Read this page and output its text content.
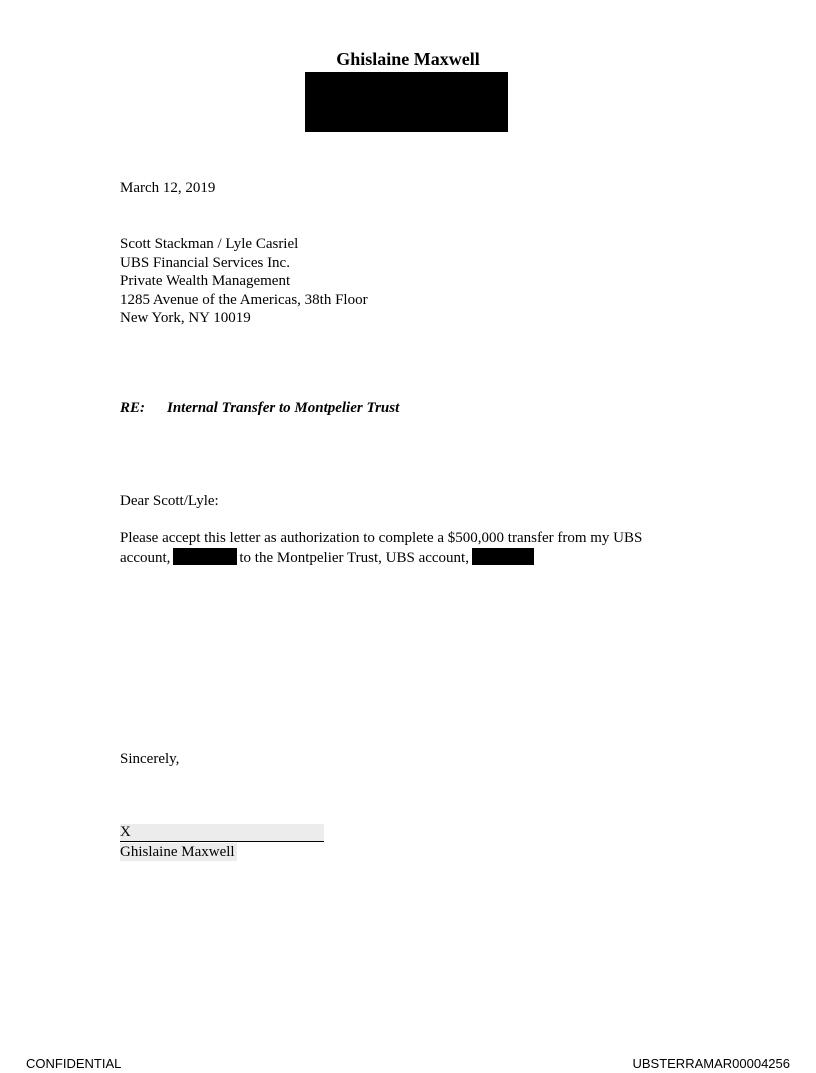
Ghislaine Maxwell
March 12, 2019
Scott Stackman / Lyle Casriel
UBS Financial Services Inc.
Private Wealth Management
1285 Avenue of the Americas, 38th Floor
New York, NY 10019
RE: Internal Transfer to Montpelier Trust
Dear Scott/Lyle:
Please accept this letter as authorization to complete a $500,000 transfer from my UBS
account,	to the Montpelier Trust, UBS account,
Sincerely,
X
Ghislaine Maxwell
CONFIDENTIAL	UBSTERRAMAR00004256
